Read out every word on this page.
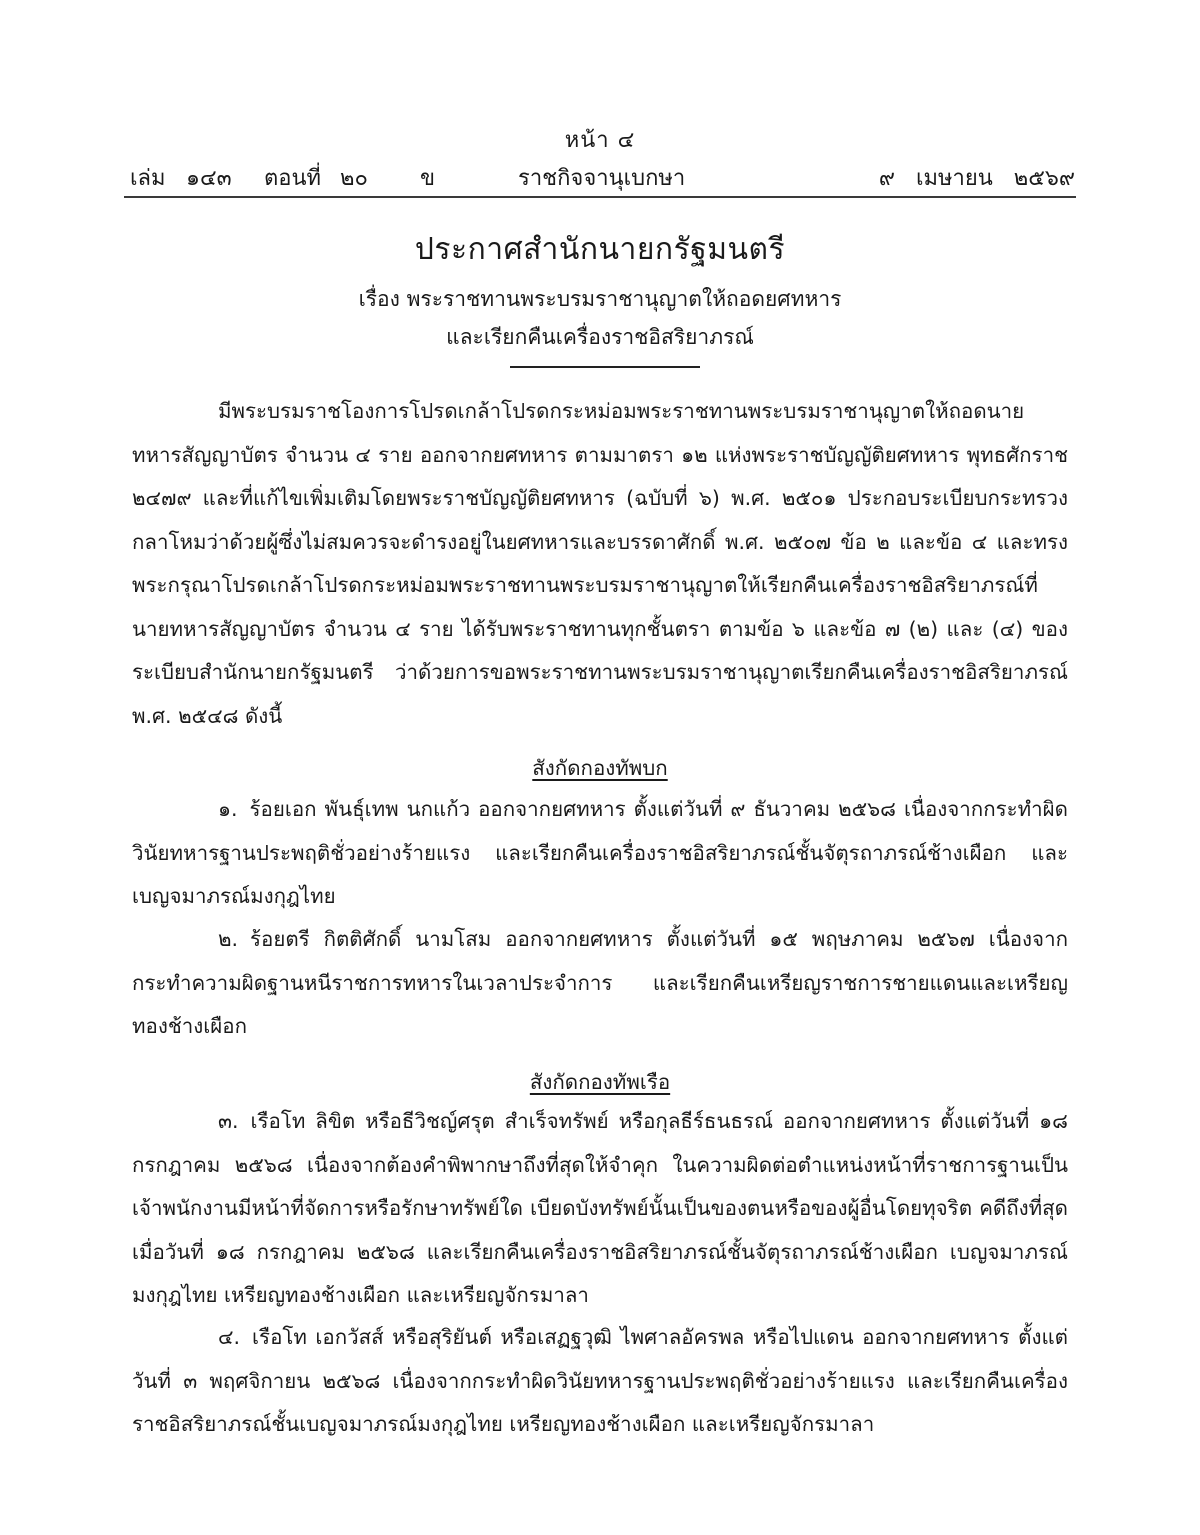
หน้า ๔
เล่ม ๑๔๓ ตอนที่ ๒๐ ข	ราชกิจจานุเบกษา	๙ เมษายน ๒๕๖๙
ประกาศสำนักนายกรัฐมนตรี
เรื่อง พระราชทานพระบรมราชานุญาตให้ถอดยศทหาร
และเรียกคืนเครื่องราชอิสริยาภรณ์

มีพระบรมราชโองการโปรดเกล้าโปรดกระหม่อมพระราชทานพระบรมราชานุญาตให้ถอดนายทหารสัญญาบัตร จำนวน ๔ ราย ออกจากยศทหาร ตามมาตรา ๑๒ แห่งพระราชบัญญัติยศทหาร พุทธศักราช ๒๔๗๙ และที่แก้ไขเพิ่มเติมโดยพระราชบัญญัติยศทหาร (ฉบับที่ ๖) พ.ศ. ๒๕๐๑ ประกอบระเบียบกระทรวงกลาโหมว่าด้วยผู้ซึ่งไม่สมควรจะดำรงอยู่ในยศทหารและบรรดาศักดิ์ พ.ศ. ๒๕๐๗ ข้อ ๒ และข้อ ๔ และทรงพระกรุณาโปรดเกล้าโปรดกระหม่อมพระราชทานพระบรมราชานุญาตให้เรียกคืนเครื่องราชอิสริยาภรณ์ที่นายทหารสัญญาบัตร จำนวน ๔ ราย ได้รับพระราชทานทุกชั้นตรา ตามข้อ ๖ และข้อ ๗ (๒) และ (๔) ของระเบียบสำนักนายกรัฐมนตรี ว่าด้วยการขอพระราชทานพระบรมราชานุญาตเรียกคืนเครื่องราชอิสริยาภรณ์ พ.ศ. ๒๕๔๘ ดังนี้

สังกัดกองทัพบก

๑. ร้อยเอก พันธุ์เทพ นกแก้ว ออกจากยศทหาร ตั้งแต่วันที่ ๙ ธันวาคม ๒๕๖๘ เนื่องจากกระทำผิดวินัยทหารฐานประพฤติชั่วอย่างร้ายแรง และเรียกคืนเครื่องราชอิสริยาภรณ์ชั้นจัตุรถาภรณ์ช้างเผือก และเบญจมาภรณ์มงกุฎไทย

๒. ร้อยตรี กิตติศักดิ์ นามโสม ออกจากยศทหาร ตั้งแต่วันที่ ๑๕ พฤษภาคม ๒๕๖๗ เนื่องจากกระทำความผิดฐานหนีราชการทหารในเวลาประจำการ และเรียกคืนเหรียญราชการชายแดนและเหรียญทองช้างเผือก

สังกัดกองทัพเรือ

๓. เรือโท ลิขิต หรือธีวิชญ์ศรุต สำเร็จทรัพย์ หรือกุลธีร์ธนธรณ์ ออกจากยศทหาร ตั้งแต่วันที่ ๑๘ กรกฎาคม ๒๕๖๘ เนื่องจากต้องคำพิพากษาถึงที่สุดให้จำคุก ในความผิดต่อตำแหน่งหน้าที่ราชการฐานเป็นเจ้าพนักงานมีหน้าที่จัดการหรือรักษาทรัพย์ใด เบียดบังทรัพย์นั้นเป็นของตนหรือของผู้อื่นโดยทุจริต คดีถึงที่สุด เมื่อวันที่ ๑๘ กรกฎาคม ๒๕๖๘ และเรียกคืนเครื่องราชอิสริยาภรณ์ชั้นจัตุรถาภรณ์ช้างเผือก เบญจมาภรณ์มงกุฎไทย เหรียญทองช้างเผือก และเหรียญจักรมาลา

๔. เรือโท เอกวัสส์ หรือสุริยันต์ หรือเสฏฐวุฒิ ไพศาลอัครพล หรือไปแดน ออกจากยศทหาร ตั้งแต่วันที่ ๓ พฤศจิกายน ๒๕๖๘ เนื่องจากกระทำผิดวินัยทหารฐานประพฤติชั่วอย่างร้ายแรง และเรียกคืนเครื่องราชอิสริยาภรณ์ชั้นเบญจมาภรณ์มงกุฎไทย เหรียญทองช้างเผือก และเหรียญจักรมาลา
